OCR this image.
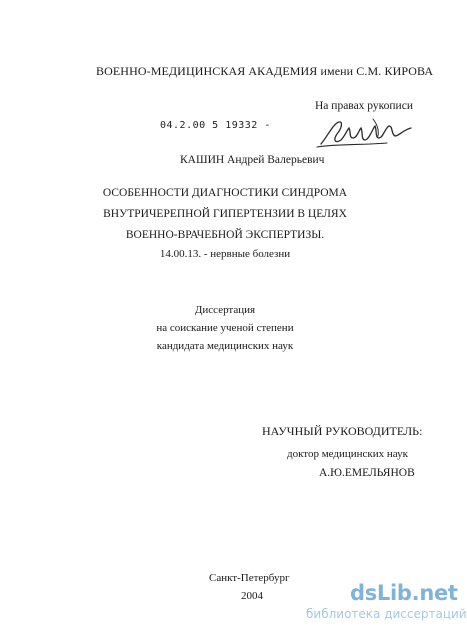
ВОЕННО-МЕДИЦИНСКАЯ АКАДЕМИЯ имени С.М. КИРОВА
На правах рукописи
04.2.00 5 19332 -
КАШИН Андрей Валерьевич
ОСОБЕННОСТИ ДИАГНОСТИКИ СИНДРОМА
ВНУТРИЧЕРЕПНОЙ ГИПЕРТЕНЗИИ В ЦЕЛЯХ
ВОЕННО-ВРАЧЕБНОЙ ЭКСПЕРТИЗЫ.
14.00.13. - нервные болезни
Диссертация
на соискание ученой степени
кандидата медицинских наук
НАУЧНЫЙ РУКОВОДИТЕЛЬ:
доктор медицинских наук
А.Ю.ЕМЕЛЬЯНОВ
Санкт-Петербург
2004	dsLib.net
библиотека диссертаций
